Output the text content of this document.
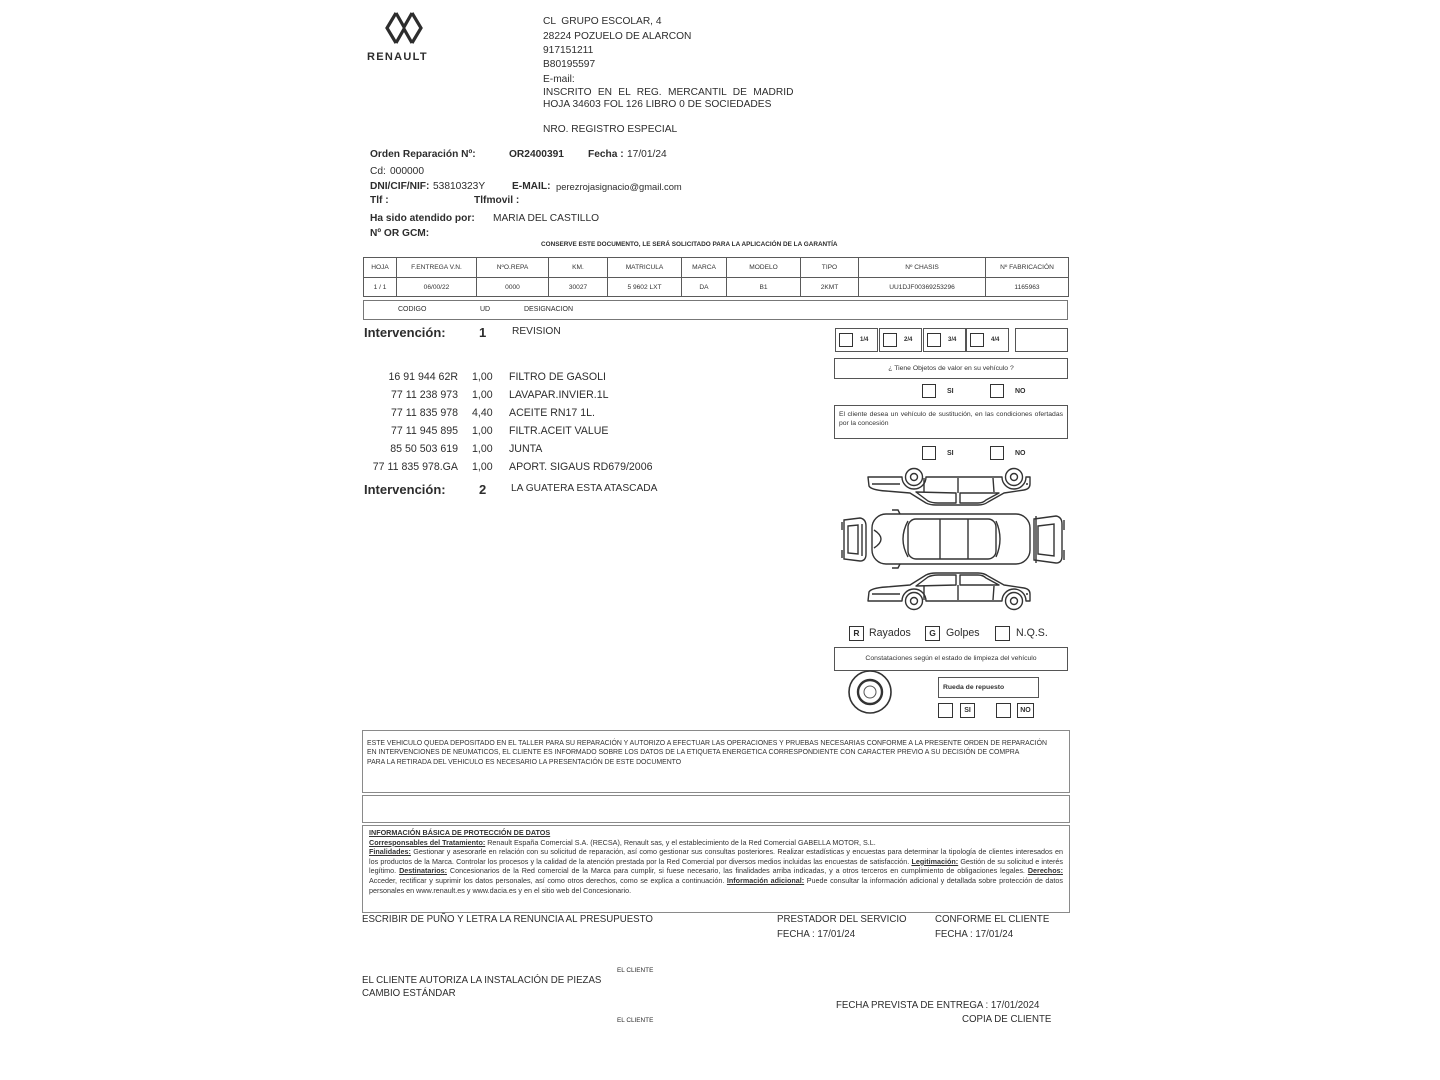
RENAULT
CL  GRUPO ESCOLAR, 4
28224 POZUELO DE ALARCON
917151211
B80195597
E-mail:
INSCRITO EN EL REG. MERCANTIL DE MADRID
HOJA 34603 FOL 126 LIBRO 0 DE SOCIEDADES
NRO. REGISTRO ESPECIAL
Orden Reparación Nº:	OR2400391 Fecha : 17/01/24
Cd: 000000
DNI/CIF/NIF: 53810323Y	E-MAIL: perezrojasignacio@gmail.com
Tlf :	Tlfmovil :
Ha sido atendido por: MARIA DEL CASTILLO
Nº OR GCM:
CONSERVE ESTE DOCUMENTO, LE SERÁ SOLICITADO PARA LA APLICACIÓN DE LA GARANTÍA
HOJA	F.ENTREGA V.N.	NºO.REPA	KM.	MATRICULA	MARCA	MODELO	TIPO	Nº CHASIS	Nº FABRICACIÓN
1 / 1	06/00/22	0000	30027	5 9602 LXT	DA	B1	2KMT	UU1DJF00369253296	1165963
CODIGO	UD	DESIGNACION
Intervención:	1	REVISION
16 91 944 62R 1,00 FILTRO DE GASOLI
77 11 238 973 1,00 LAVAPAR.INVIER.1L
77 11 835 978 4,40 ACEITE RN17 1L.
77 11 945 895 1,00 FILTR.ACEIT VALUE
85 50 503 619 1,00 JUNTA
77 11 835 978.GA 1,00 APORT. SIGAUS RD679/2006
Intervención:	2 LA GUATERA ESTA ATASCADA
1/4	2/4	3/4	4/4
¿ Tiene Objetos de valor en su vehículo ?
SI	NO
El cliente desea un vehículo de sustitución, en las condiciones ofertadas por la concesión
SI	NO
R Rayados	G Golpes	N.Q.S.
Constataciones según el estado de limpieza del vehículo
Rueda de repuesto
SI	NO
ESTE VEHICULO QUEDA DEPOSITADO EN EL TALLER PARA SU REPARACIÓN Y AUTORIZO A EFECTUAR LAS OPERACIONES Y PRUEBAS NECESARIAS CONFORME A LA PRESENTE ORDEN DE REPARACIÓN
EN INTERVENCIONES DE NEUMATICOS, EL CLIENTE ES INFORMADO SOBRE LOS DATOS DE LA ETIQUETA ENERGETICA CORRESPONDIENTE CON CARACTER PREVIO A SU DECISIÓN DE COMPRA
PARA LA RETIRADA DEL VEHICULO ES NECESARIO LA PRESENTACIÓN DE ESTE DOCUMENTO
INFORMACIÓN BÁSICA DE PROTECCIÓN DE DATOS
Corresponsables del Tratamiento: Renault España Comercial S.A. (RECSA), Renault sas, y el establecimiento de la Red Comercial GABELLA MOTOR, S.L.
Finalidades: Gestionar y asesorarle en relación con su solicitud de reparación, así como gestionar sus consultas posteriores. Realizar estadísticas y encuestas para determinar la tipología de clientes interesados en los productos de la Marca. Controlar los procesos y la calidad de la atención prestada por la Red Comercial por diversos medios incluidas las encuestas de satisfacción. Legitimación: Gestión de su solicitud e interés legítimo. Destinatarios: Concesionarios de la Red comercial de la Marca para cumplir, si fuese necesario, las finalidades arriba indicadas, y a otros terceros en cumplimiento de obligaciones legales. Derechos: Acceder, rectificar y suprimir los datos personales, así como otros derechos, como se explica a continuación. Información adicional: Puede consultar la información adicional y detallada sobre protección de datos personales en www.renault.es y www.dacia.es y en el sitio web del Concesionario.
ESCRIBIR DE PUÑO Y LETRA LA RENUNCIA AL PRESUPUESTO	PRESTADOR DEL SERVICIO
FECHA : 17/01/24
CONFORME EL CLIENTE
FECHA : 17/01/24
EL CLIENTE
EL CLIENTE AUTORIZA LA INSTALACIÓN DE PIEZAS
CAMBIO ESTÁNDAR
FECHA PREVISTA DE ENTREGA : 17/01/2024
COPIA DE CLIENTE
EL CLIENTE
